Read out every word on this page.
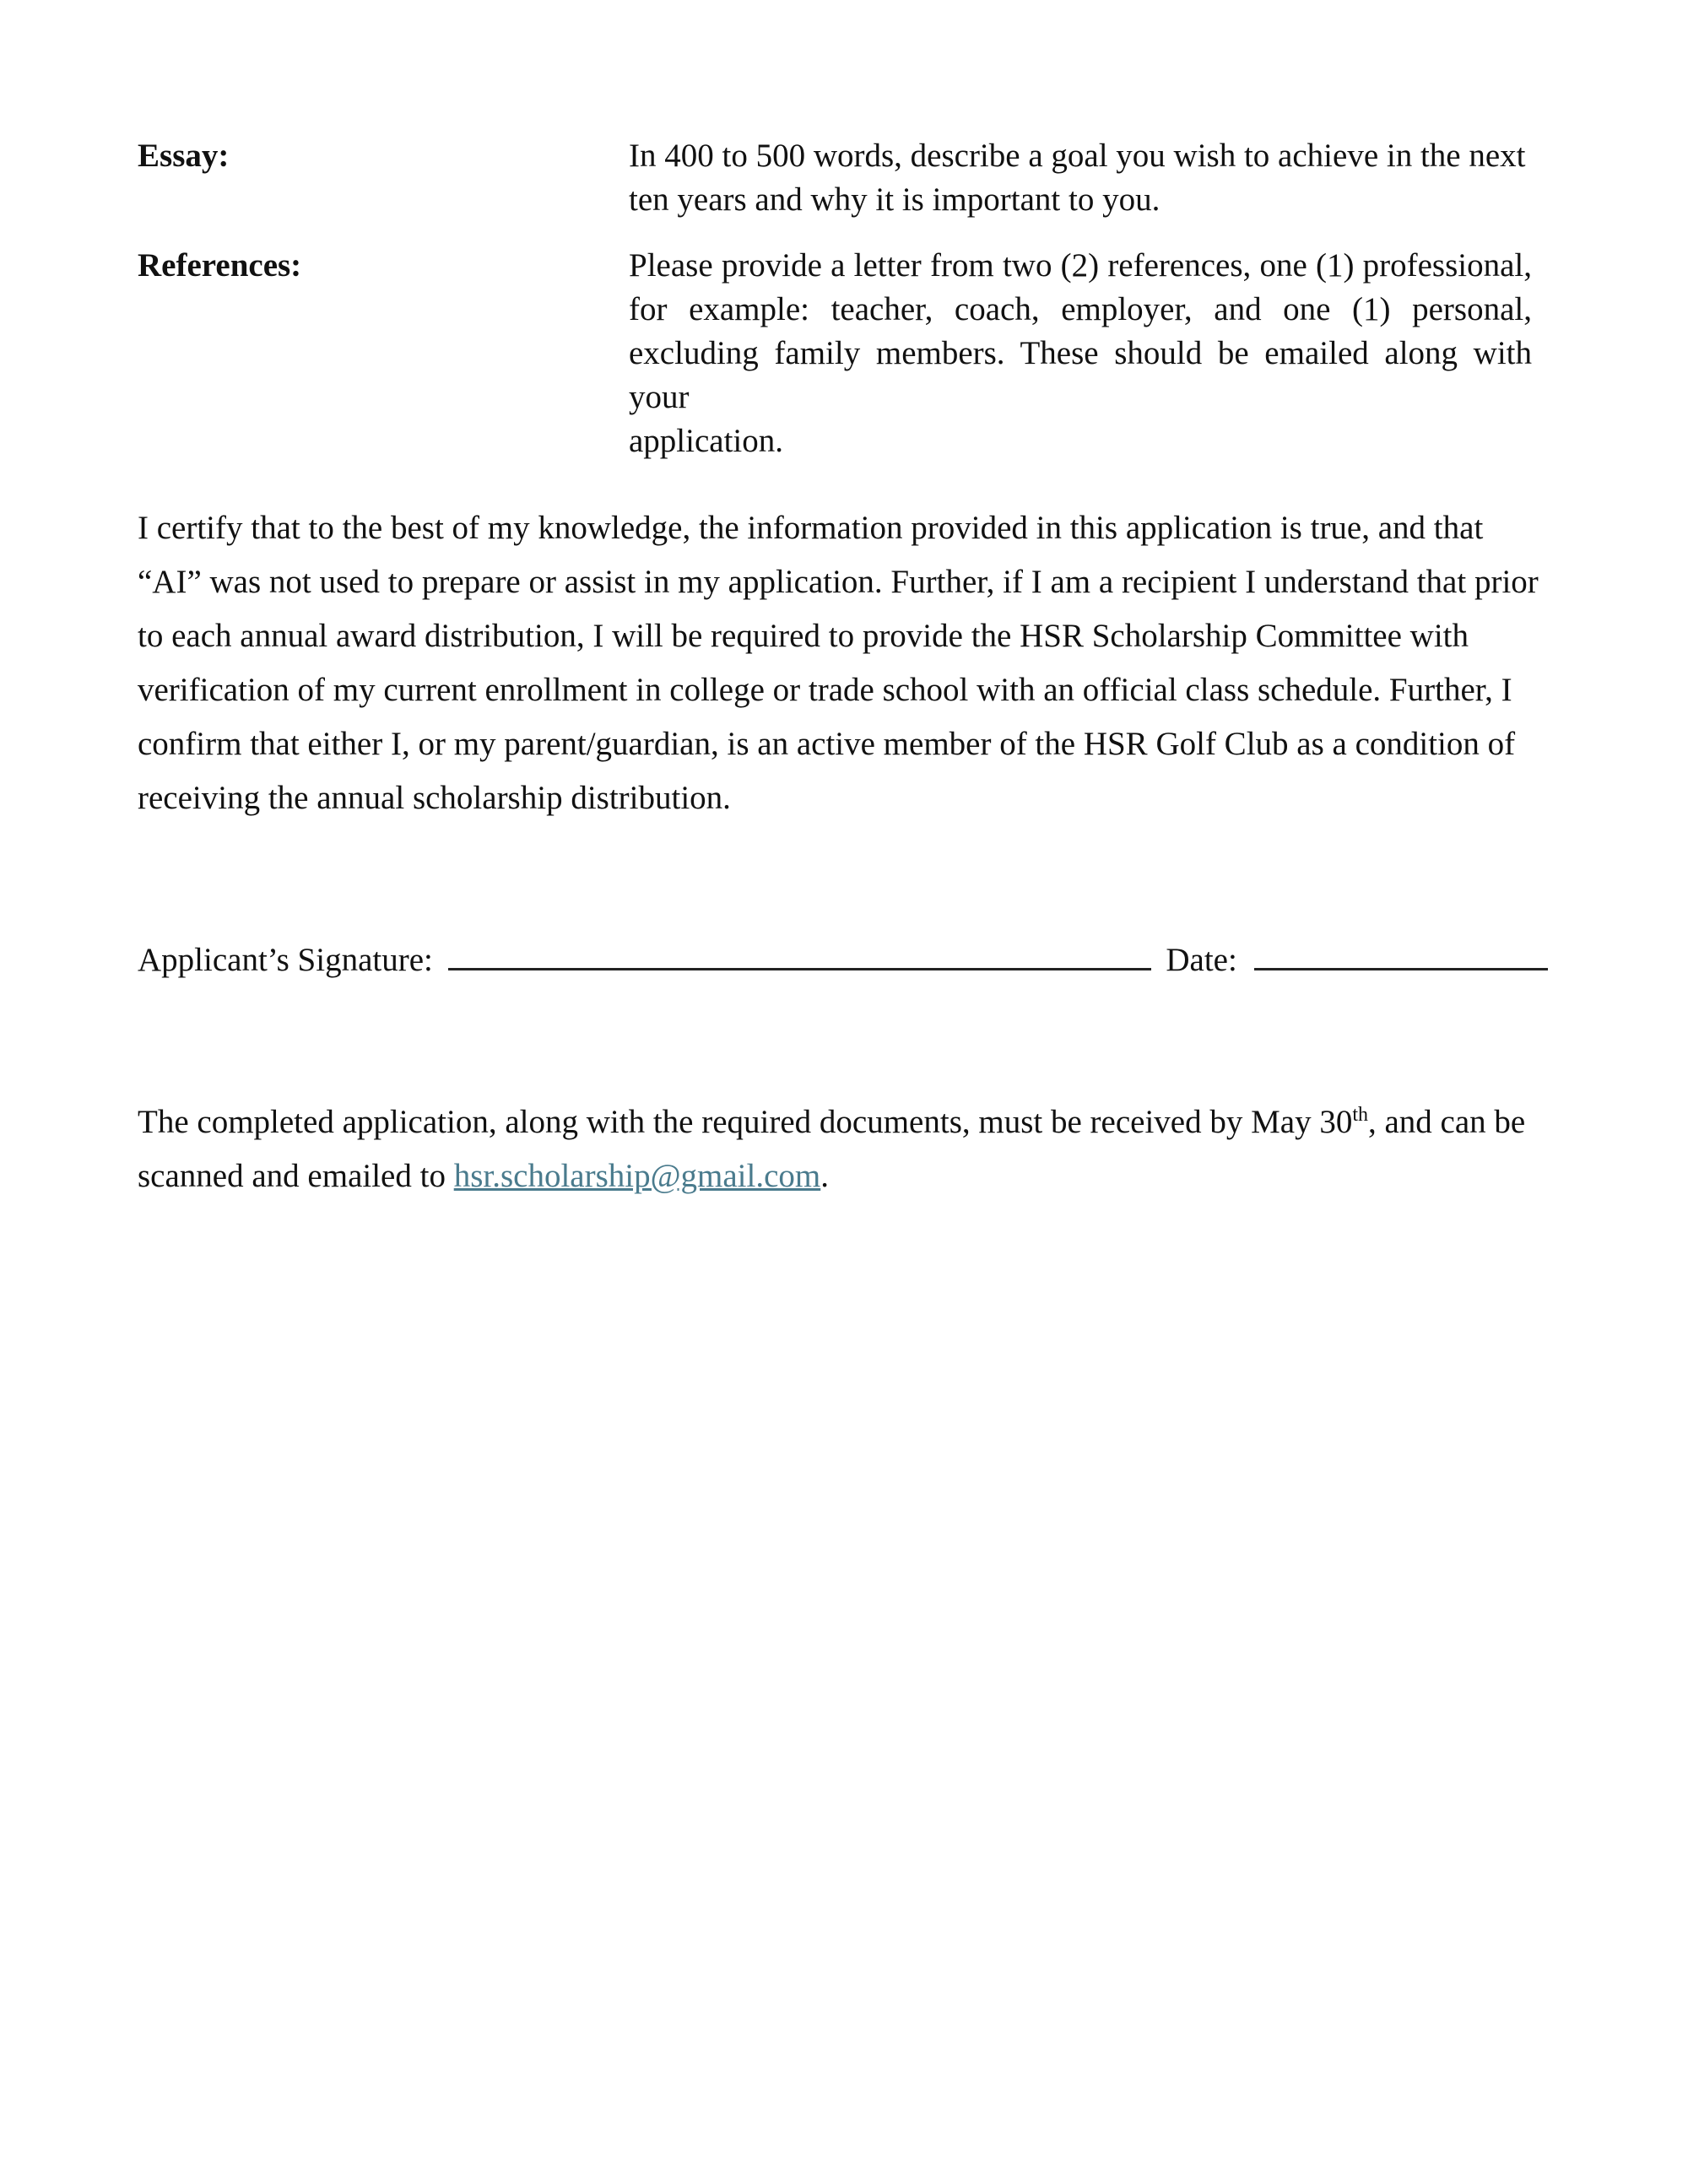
Essay:	In 400 to 500 words, describe a goal you wish to achieve in the next
ten years and why it is important to you.
References:	Please provide a letter from two (2) references, one (1) professional,
for example: teacher, coach, employer, and one (1) personal,
excluding family members. These should be emailed along with your
application.
I certify that to the best of my knowledge, the information provided in this application is true, and that
“AI” was not used to prepare or assist in my application. Further, if I am a recipient I understand that prior
to each annual award distribution, I will be required to provide the HSR Scholarship Committee with
verification of my current enrollment in college or trade school with an official class schedule. Further, I
confirm that either I, or my parent/guardian, is an active member of the HSR Golf Club as a condition of
receiving the annual scholarship distribution.
Applicant’s Signature:	Date:
The completed application, along with the required documents, must be received by May 30th, and can be
scanned and emailed to hsr.scholarship@gmail.com.
